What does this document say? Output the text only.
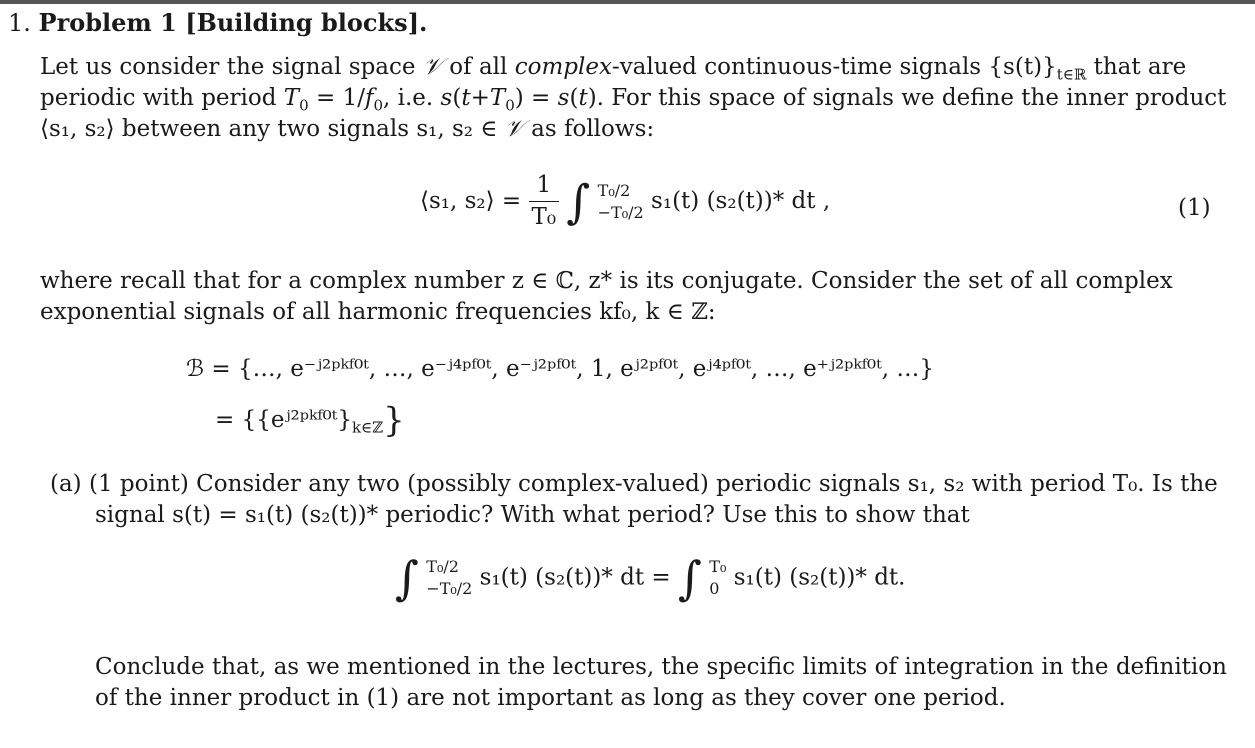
1. Problem 1 [Building blocks].
Let us consider the signal space 𝒱 of all complex-valued continuous-time signals $\{s(t)\}_{t\in ℝ}$ that are
periodic with period $T_0 = 1/f_0$, i.e. $s(t+T_0) = s(t)$. For this space of signals we define the inner product
⟨s₁, s₂⟩ between any two signals s₁, s₂ ∈ 𝒱 as follows:
⟨s₁, s₂⟩ = $\frac{1}{\text{T₀}}$ ∫ T₀/2
−T₀/2 s₁(t) (s₂(t))* dt ,	(1)
where recall that for a complex number z ∈ ℂ, z* is its conjugate. Consider the set of all complex
exponential signals of all harmonic frequencies kf₀, k ∈ ℤ:
ℬ = {…, e⁻ʲ²ᵖᵏᶠ⁰ᵗ, …, e⁻ʲ⁴ᵖᶠ⁰ᵗ, e⁻ʲ²ᵖᶠ⁰ᵗ, 1, eʲ²ᵖᶠ⁰ᵗ, eʲ⁴ᵖᶠ⁰ᵗ, …, e⁺ʲ²ᵖᵏᶠ⁰ᵗ, …}
= $\{\{eʲ^2ᵖᵏᶠ^0ᵗ\}_{k\in ℤ}\}$
(a) (1 point) Consider any two (possibly complex-valued) periodic signals s₁, s₂ with period T₀. Is the
signal s(t) = s₁(t) (s₂(t))* periodic? With what period? Use this to show that
∫ T₀/2
−T₀/2 s₁(t) (s₂(t))* dt = ∫ T₀
0 s₁(t) (s₂(t))* dt.
Conclude that, as we mentioned in the lectures, the specific limits of integration in the definition
of the inner product in (1) are not important as long as they cover one period.
